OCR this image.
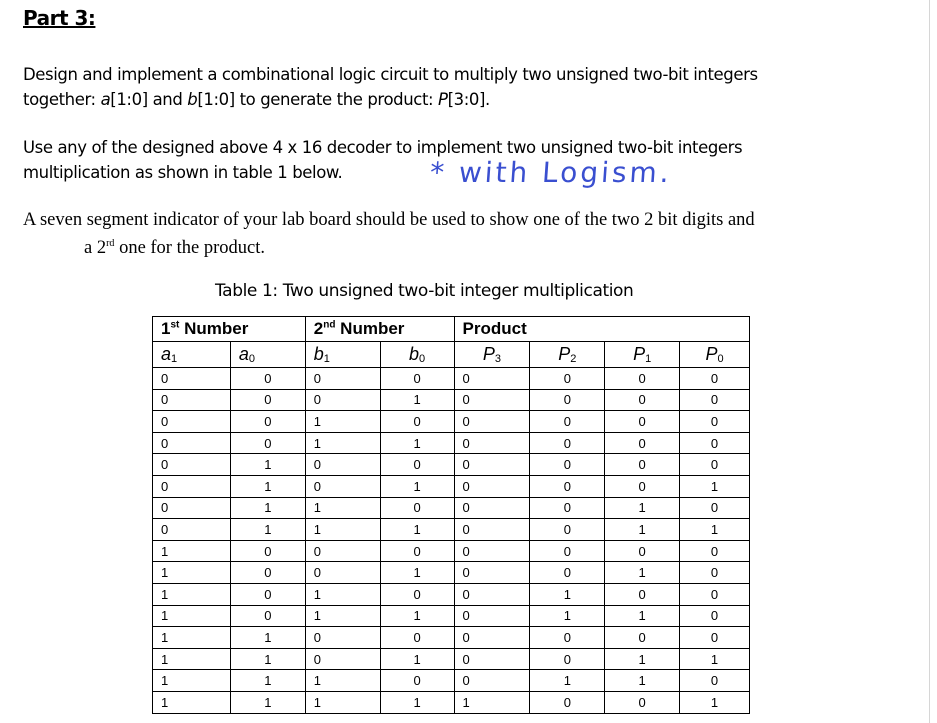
Part 3:
Design and implement a combinational logic circuit to multiply two unsigned two-bit integers
together: a[1:0] and b[1:0] to generate the product: P[3:0].
Use any of the designed above 4 x 16 decoder to implement two unsigned two-bit integers
multiplication as shown in table 1 below.	* with Logism.
A seven segment indicator of your lab board should be used to show one of the two 2 bit digits and
a 2rd one for the product.
Table 1: Two unsigned two-bit integer multiplication
1st Number		2nd Number		Product			
a1	a0	b1	b0	P3	P2	P1	P0
0	0	0	0	0	0	0	0
0	0	0	1	0	0	0	0
0	0	1	0	0	0	0	0
0	0	1	1	0	0	0	0
0	1	0	0	0	0	0	0
0	1	0	1	0	0	0	1
0	1	1	0	0	0	1	0
0	1	1	1	0	0	1	1
1	0	0	0	0	0	0	0
1	0	0	1	0	0	1	0
1	0	1	0	0	1	0	0
1	0	1	1	0	1	1	0
1	1	0	0	0	0	0	0
1	1	0	1	0	0	1	1
1	1	1	0	0	1	1	0
1	1	1	1	1	0	0	1
